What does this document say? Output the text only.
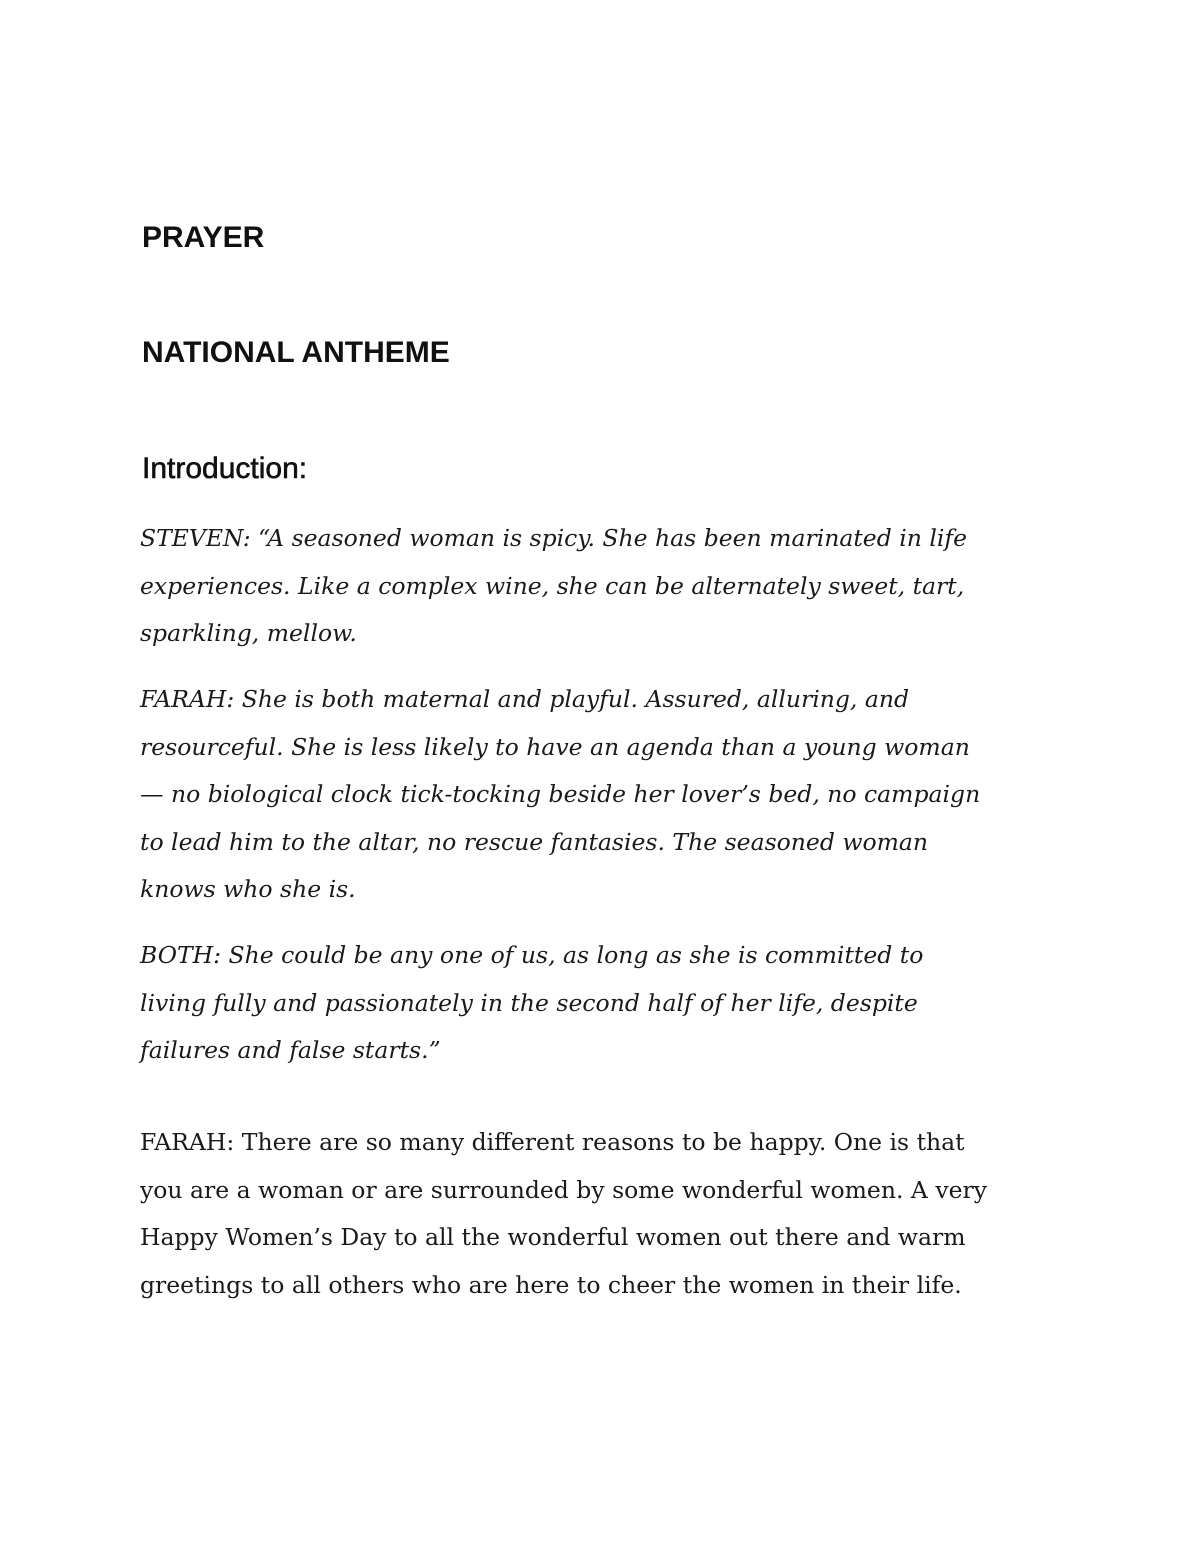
PRAYER
NATIONAL ANTHEME
Introduction:

STEVEN: “A seasoned woman is spicy. She has been marinated in life
experiences. Like a complex wine, she can be alternately sweet, tart,
sparkling, mellow.

FARAH: She is both maternal and playful. Assured, alluring, and
resourceful. She is less likely to have an agenda than a young woman
— no biological clock tick-tocking beside her lover’s bed, no campaign
to lead him to the altar, no rescue fantasies. The seasoned woman
knows who she is.

BOTH: She could be any one of us, as long as she is committed to
living fully and passionately in the second half of her life, despite
failures and false starts.”

FARAH: There are so many different reasons to be happy. One is that
you are a woman or are surrounded by some wonderful women. A very
Happy Women’s Day to all the wonderful women out there and warm
greetings to all others who are here to cheer the women in their life.
